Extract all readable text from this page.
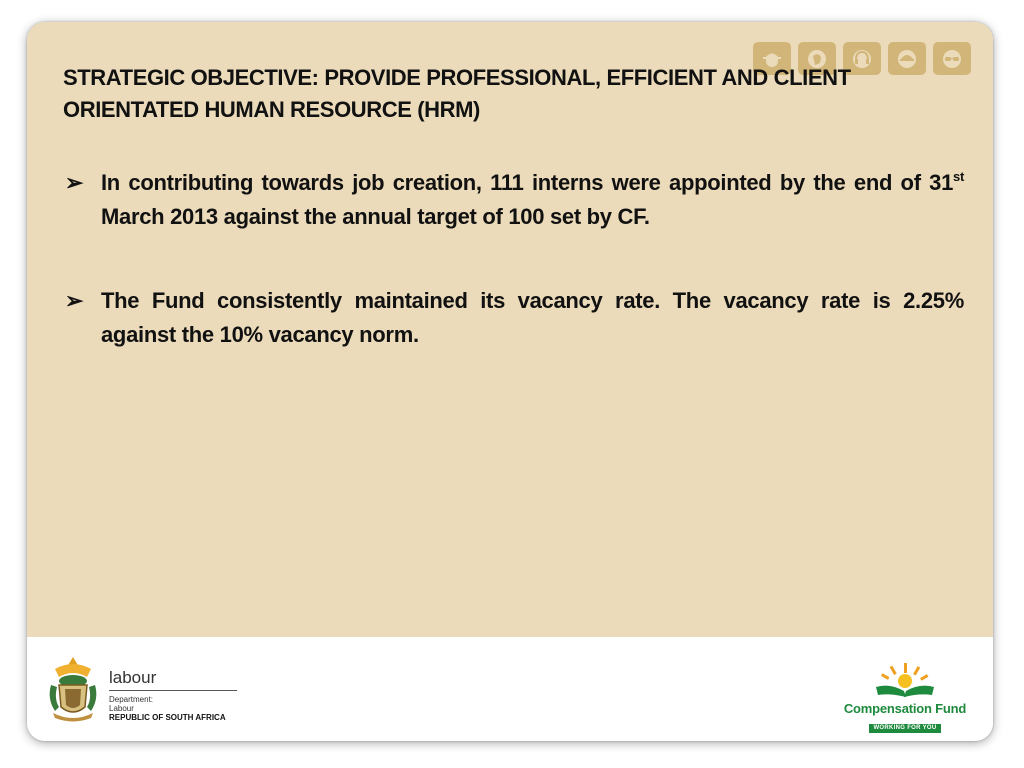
STRATEGIC OBJECTIVE: PROVIDE PROFESSIONAL, EFFICIENT AND CLIENT ORIENTATED HUMAN RESOURCE (HRM)
➢ In contributing towards job creation, 111 interns were appointed by the end of 31st March 2013 against the annual target of 100 set by CF.
➢ The Fund consistently maintained its vacancy rate. The vacancy rate is 2.25% against the 10% vacancy norm.
labour
Department:
Labour
REPUBLIC OF SOUTH AFRICA
Compensation Fund
WORKING FOR YOU
